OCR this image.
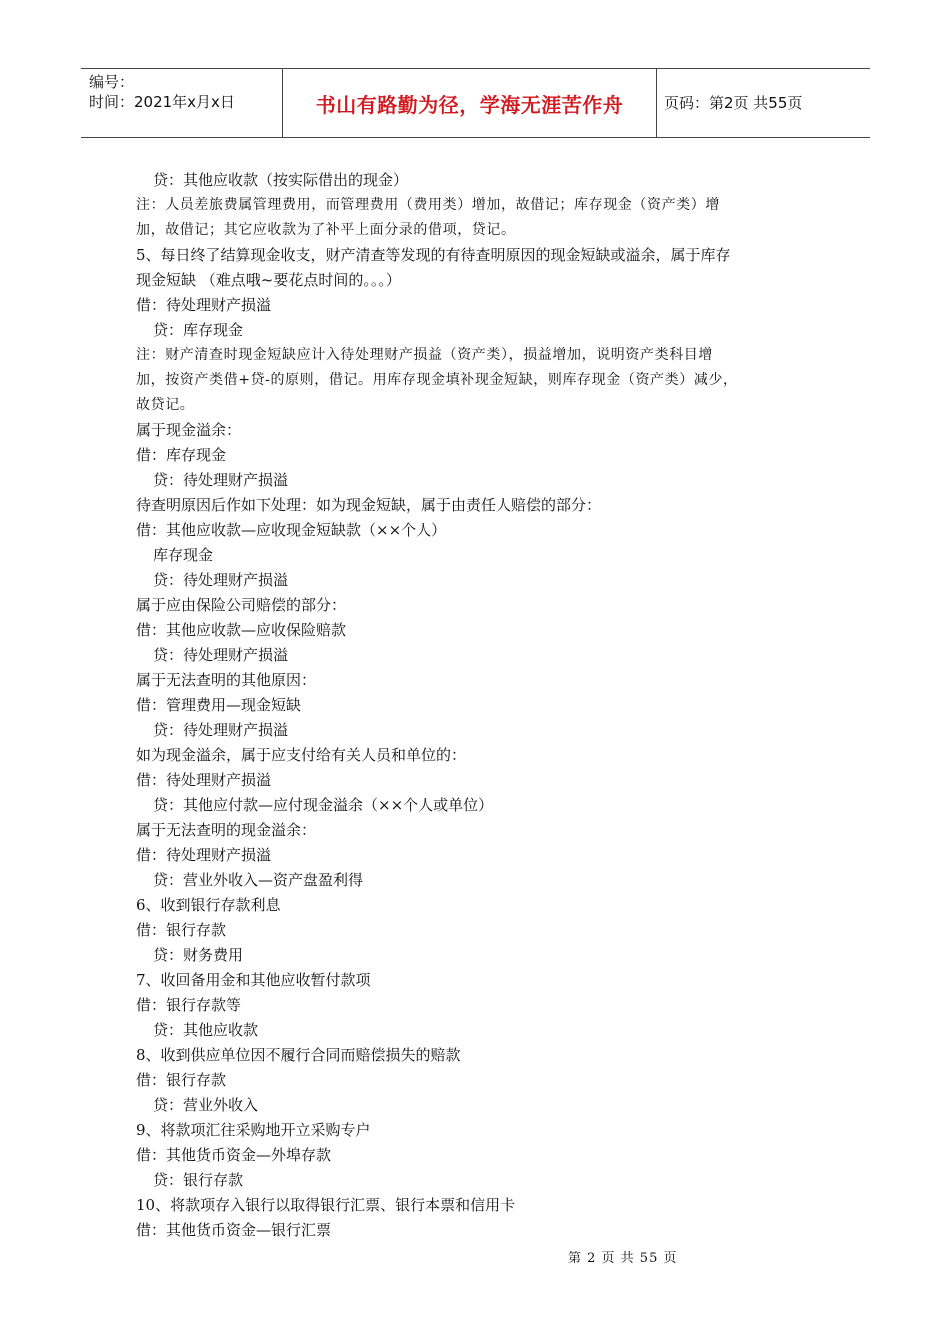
编号：
时间：2021年x月x日	书山有路勤为径，学海无涯苦作舟	页码：第2页 共55页
贷：其他应收款（按实际借出的现金）
注：人员差旅费属管理费用，而管理费用（费用类）增加，故借记；库存现金（资产类）增
加，故借记；其它应收款为了补平上面分录的借项，贷记。
5、每日终了结算现金收支，财产清查等发现的有待查明原因的现金短缺或溢余，属于库存
现金短缺 （难点哦~要花点时间的。。。）
借：待处理财产损溢
贷：库存现金
注：财产清查时现金短缺应计入待处理财产损益（资产类），损益增加，说明资产类科目增
加，按资产类借+贷-的原则，借记。用库存现金填补现金短缺，则库存现金（资产类）减少，
故贷记。
属于现金溢余：
借：库存现金
贷：待处理财产损溢
待查明原因后作如下处理：如为现金短缺，属于由责任人赔偿的部分：
借：其他应收款—应收现金短缺款（××个人）
库存现金
贷：待处理财产损溢
属于应由保险公司赔偿的部分：
借：其他应收款—应收保险赔款
贷：待处理财产损溢
属于无法查明的其他原因：
借：管理费用—现金短缺
贷：待处理财产损溢
如为现金溢余，属于应支付给有关人员和单位的：
借：待处理财产损溢
贷：其他应付款—应付现金溢余（××个人或单位）
属于无法查明的现金溢余：
借：待处理财产损溢
贷：营业外收入—资产盘盈利得
6、收到银行存款利息
借：银行存款
贷：财务费用
7、收回备用金和其他应收暂付款项
借：银行存款等
贷：其他应收款
8、收到供应单位因不履行合同而赔偿损失的赔款
借：银行存款
贷：营业外收入
9、将款项汇往采购地开立采购专户
借：其他货币资金—外埠存款
贷：银行存款
10、将款项存入银行以取得银行汇票、银行本票和信用卡
借：其他货币资金—银行汇票
第 2 页 共 55 页
